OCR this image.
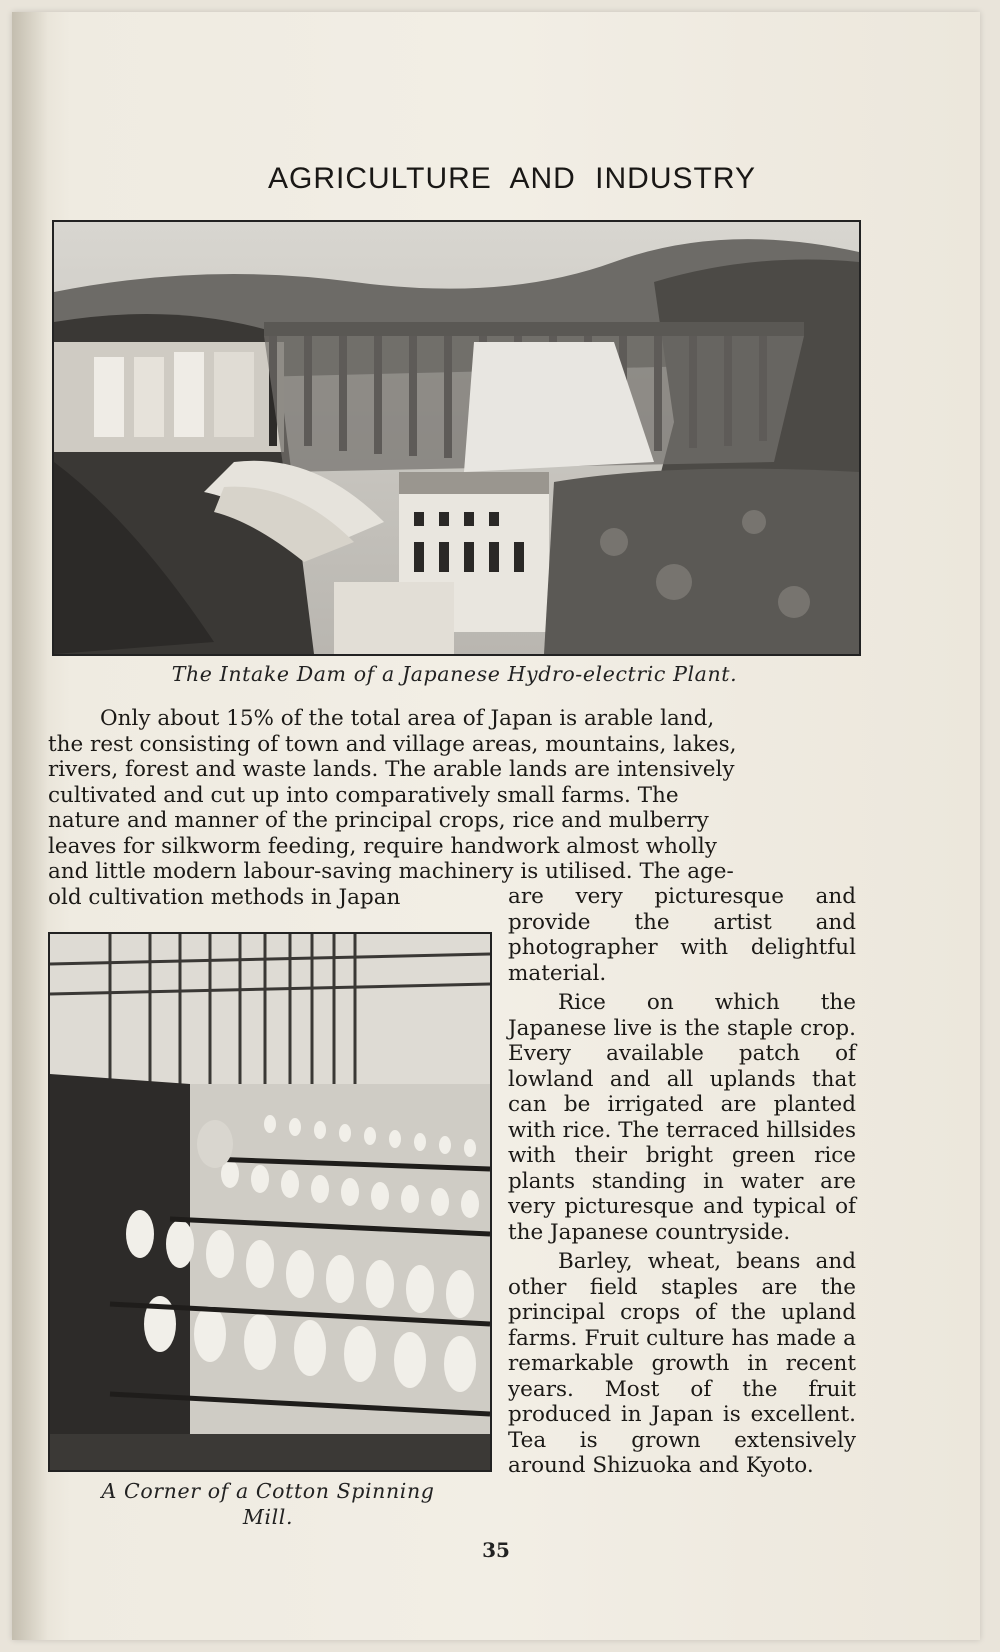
AGRICULTURE AND INDUSTRY
The Intake Dam of a Japanese Hydro-electric Plant.
Only about 15% of the total area of Japan is arable land,
the rest consisting of town and village areas, mountains, lakes,
rivers, forest and waste lands. The arable lands are intensively
cultivated and cut up into comparatively small farms. The
nature and manner of the principal crops, rice and mulberry
leaves for silkworm feeding, require handwork almost wholly
and little modern labour-saving machinery is utilised. The age-
old cultivation methods in Japan
A Corner of a Cotton Spinning
Mill.

are very picturesque and provide the artist and photographer with delightful material.

Rice on which the Japanese live is the staple crop. Every available patch of lowland and all uplands that can be irrigated are planted with rice. The terraced hillsides with their bright green rice plants standing in water are very picturesque and typical of the Japanese countryside.

Barley, wheat, beans and other field staples are the principal crops of the upland farms. Fruit culture has made a remarkable growth in recent years. Most of the fruit produced in Japan is excellent. Tea is grown extensively around Shizuoka and Kyoto.

35
